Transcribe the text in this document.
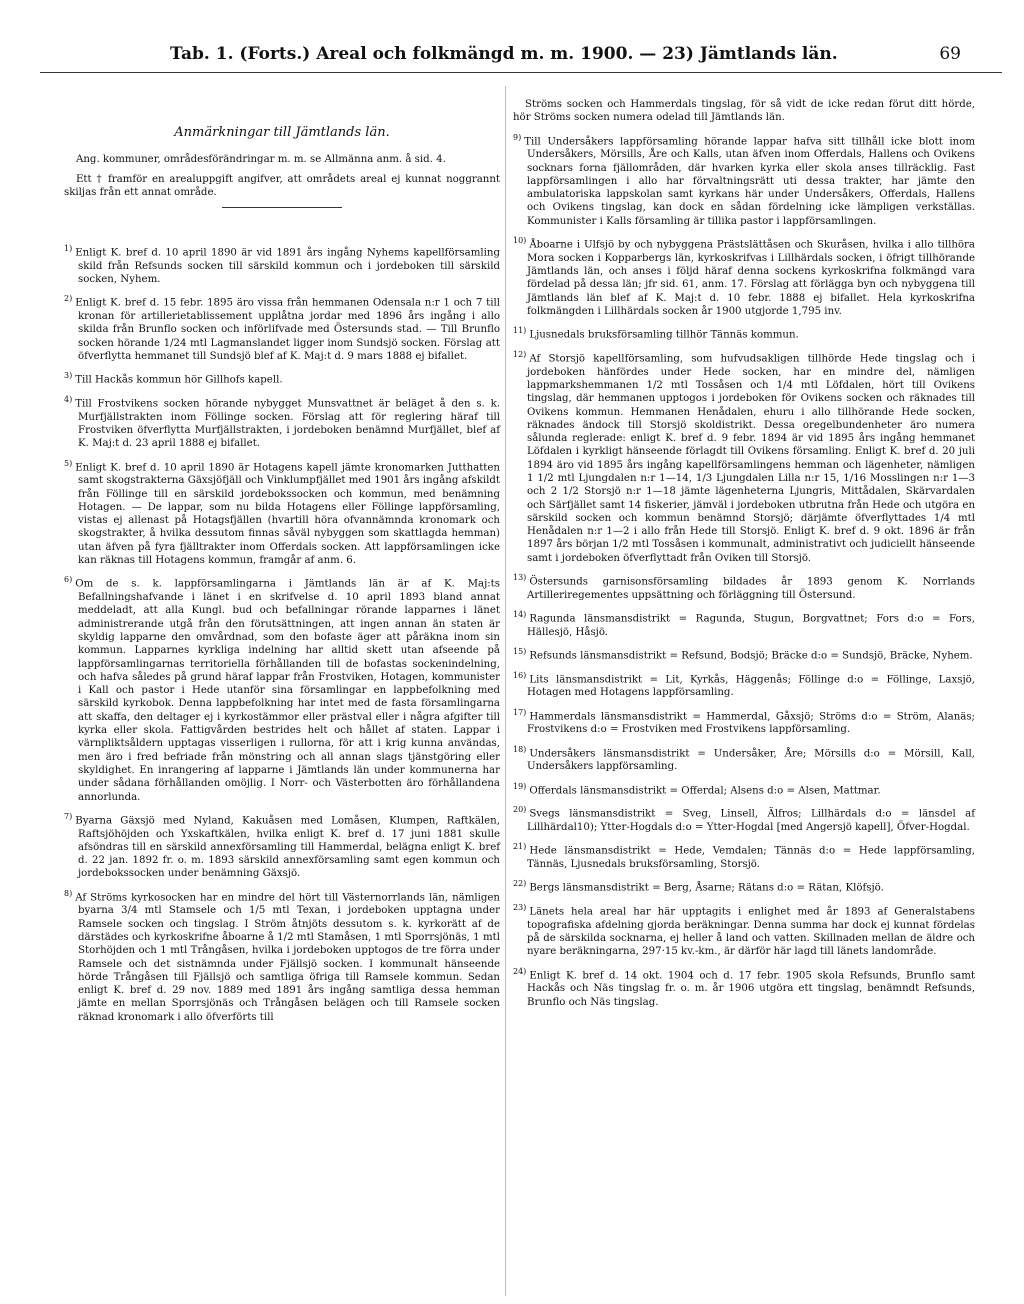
Tab. 1. (Forts.) Areal och folkmängd m. m. 1900. — 23) Jämtlands län.	69
Anmärkningar till Jämtlands län.

Ang. kommuner, områdesförändringar m. m. se Allmänna anm. å sid. 4.

Ett † framför en arealuppgift angifver, att områdets areal ej kunnat noggrannt skiljas från ett annat område.

$^{1)}$ Enligt K. bref d. 10 april 1890 är vid 1891 års ingång Nyhems kapellförsamling skild från Refsunds socken till särskild kommun och i jordeboken till särskild socken, Nyhem.

$^{2)}$ Enligt K. bref d. 15 febr. 1895 äro vissa från hemmanen Odensala n:r 1 och 7 till kronan för artillerietablissement upplåtna jordar med 1896 års ingång i allo skilda från Brunflo socken och införlifvade med Östersunds stad. — Till Brunflo socken hörande 1/24 mtl Lagmanslandet ligger inom Sundsjö socken. Förslag att öfverflytta hemmanet till Sundsjö blef af K. Maj:t d. 9 mars 1888 ej bifallet.

$^{3)}$ Till Hackås kommun hör Gillhofs kapell.

$^{4)}$ Till Frostvikens socken hörande nybygget Munsvattnet är beläget å den s. k. Murfjällstrakten inom Föllinge socken. Förslag att för reglering häraf till Frostviken öfverflytta Murfjällstrakten, i jordeboken benämnd Murfjället, blef af K. Maj:t d. 23 april 1888 ej bifallet.

$^{5)}$ Enligt K. bref d. 10 april 1890 är Hotagens kapell jämte kronomarken Jutthatten samt skogstrakterna Gäxsjöfjäll och Vinklumpfjället med 1901 års ingång afskildt från Föllinge till en särskild jordebokssocken och kommun, med benämning Hotagen. — De lappar, som nu bilda Hotagens eller Föllinge lappförsamling, vistas ej allenast på Hotagsfjällen (hvartill höra ofvannämnda kronomark och skogstrakter, å hvilka dessutom finnas såväl nybyggen som skattlagda hemman) utan äfven på fyra fjälltrakter inom Offerdals socken. Att lappförsamlingen icke kan räknas till Hotagens kommun, framgår af anm. 6.

$^{6)}$ Om de s. k. lappförsamlingarna i Jämtlands län är af K. Maj:ts Befallningshafvande i länet i en skrifvelse d. 10 april 1893 bland annat meddeladt, att alla Kungl. bud och befallningar rörande lapparnes i länet administrerande utgå från den förutsättningen, att ingen annan än staten är skyldig lapparne den omvårdnad, som den bofaste äger att påräkna inom sin kommun. Lapparnes kyrkliga indelning har alltid skett utan afseende på lappförsamlingarnas territoriella förhållanden till de bofastas sockenindelning, och hafva således på grund häraf lappar från Frostviken, Hotagen, kommunister i Kall och pastor i Hede utanför sina församlingar en lappbefolkning med särskild kyrkobok. Denna lappbefolkning har intet med de fasta församlingarna att skaffa, den deltager ej i kyrkostämmor eller prästval eller i några afgifter till kyrka eller skola. Fattigvården bestrides helt och hållet af staten. Lappar i värnpliktsåldern upptagas visserligen i rullorna, för att i krig kunna användas, men äro i fred befriade från mönstring och all annan slags tjänstgöring eller skyldighet. En inrangering af lapparne i Jämtlands län under kommunerna har under sådana förhållanden omöjlig. I Norr- och Västerbotten äro förhållandena annorlunda.

$^{7)}$ Byarna Gäxsjö med Nyland, Kakuåsen med Lomåsen, Klumpen, Raftkälen, Raftsjöhöjden och Yxskaftkälen, hvilka enligt K. bref d. 17 juni 1881 skulle afsöndras till en särskild annexförsamling till Hammerdal, belägna enligt K. bref d. 22 jan. 1892 fr. o. m. 1893 särskild annexförsamling samt egen kommun och jordebokssocken under benämning Gäxsjö.

$^{8)}$ Af Ströms kyrkosocken har en mindre del hört till Västernorrlands län, nämligen byarna 3/4 mtl Stamsele och 1/5 mtl Texan, i jordeboken upptagna under Ramsele socken och tingslag. I Ström åtnjöts dessutom s. k. kyrkorätt af de därstädes och kyrkoskrifne åboarne å 1/2 mtl Stamåsen, 1 mtl Sporrsjönäs, 1 mtl Storhöjden och 1 mtl Trångåsen, hvilka i jordeboken upptogos de tre förra under Ramsele och det sistnämnda under Fjällsjö socken. I kommunalt hänseende hörde Trångåsen till Fjällsjö och samtliga öfriga till Ramsele kommun. Sedan enligt K. bref d. 29 nov. 1889 med 1891 års ingång samtliga dessa hemman jämte en mellan Sporrsjönäs och Trångåsen belägen och till Ramsele socken räknad kronomark i allo öfverförts till

Ströms socken och Hammerdals tingslag, för så vidt de icke redan förut ditt hörde, hör Ströms socken numera odelad till Jämtlands län.

$^{9)}$ Till Undersåkers lappförsamling hörande lappar hafva sitt tillhåll icke blott inom Undersåkers, Mörsills, Åre och Kalls, utan äfven inom Offerdals, Hallens och Ovikens socknars forna fjällområden, där hvarken kyrka eller skola anses tillräcklig. Fast lappförsamlingen i allo har förvaltningsrätt uti dessa trakter, har jämte den ambulatoriska lappskolan samt kyrkans här under Undersåkers, Offerdals, Hallens och Ovikens tingslag, kan dock en sådan fördelning icke lämpligen verkställas. Kommunister i Kalls församling är tillika pastor i lappförsamlingen.

$^{10)}$ Åboarne i Ulfsjö by och nybyggena Prästslättåsen och Skuråsen, hvilka i allo tillhöra Mora socken i Kopparbergs län, kyrkoskrifvas i Lillhärdals socken, i öfrigt tillhörande Jämtlands län, och anses i följd häraf denna sockens kyrkoskrifna folkmängd vara fördelad på dessa län; jfr sid. 61, anm. 17. Förslag att förlägga byn och nybyggena till Jämtlands län blef af K. Maj:t d. 10 febr. 1888 ej bifallet. Hela kyrkoskrifna folkmängden i Lillhärdals socken år 1900 utgjorde 1,795 inv.

$^{11)}$ Ljusnedals bruksförsamling tillhör Tännäs kommun.

$^{12)}$ Af Storsjö kapellförsamling, som hufvudsakligen tillhörde Hede tingslag och i jordeboken hänfördes under Hede socken, har en mindre del, nämligen lappmarkshemmanen 1/2 mtl Tossåsen och 1/4 mtl Löfdalen, hört till Ovikens tingslag, där hemmanen upptogos i jordeboken för Ovikens socken och räknades till Ovikens kommun. Hemmanen Henådalen, ehuru i allo tillhörande Hede socken, räknades ändock till Storsjö skoldistrikt. Dessa oregelbundenheter äro numera sålunda reglerade: enligt K. bref d. 9 febr. 1894 är vid 1895 års ingång hemmanet Löfdalen i kyrkligt hänseende förlagdt till Ovikens församling. Enligt K. bref d. 20 juli 1894 äro vid 1895 års ingång kapellförsamlingens hemman och lägenheter, nämligen 1 1/2 mtl Ljungdalen n:r 1—14, 1/3 Ljungdalen Lilla n:r 15, 1/16 Mosslingen n:r 1—3 och 2 1/2 Storsjö n:r 1—18 jämte lägenheterna Ljungris, Mittådalen, Skärvardalen och Särfjället samt 14 fiskerier, jämväl i jordeboken utbrutna från Hede och utgöra en särskild socken och kommun benämnd Storsjö; därjämte öfverflyttades 1/4 mtl Henådalen n:r 1—2 i allo från Hede till Storsjö. Enligt K. bref d. 9 okt. 1896 är från 1897 års början 1/2 mtl Tossåsen i kommunalt, administrativt och judiciellt hänseende samt i jordeboken öfverflyttadt från Oviken till Storsjö.

$^{13)}$ Östersunds garnisonsförsamling bildades år 1893 genom K. Norrlands Artilleriregementes uppsättning och förläggning till Östersund.

$^{14)}$ Ragunda länsmansdistrikt = Ragunda, Stugun, Borgvattnet; Fors d:o = Fors, Hällesjö, Håsjö.

$^{15)}$ Refsunds länsmansdistrikt = Refsund, Bodsjö; Bräcke d:o = Sundsjö, Bräcke, Nyhem.

$^{16)}$ Lits länsmansdistrikt = Lit, Kyrkås, Häggenås; Föllinge d:o = Föllinge, Laxsjö, Hotagen med Hotagens lappförsamling.

$^{17)}$ Hammerdals länsmansdistrikt = Hammerdal, Gåxsjö; Ströms d:o = Ström, Alanäs; Frostvikens d:o = Frostviken med Frostvikens lappförsamling.

$^{18)}$ Undersåkers länsmansdistrikt = Undersåker, Åre; Mörsills d:o = Mörsill, Kall, Undersåkers lappförsamling.

$^{19)}$ Offerdals länsmansdistrikt = Offerdal; Alsens d:o = Alsen, Mattmar.

$^{20)}$ Svegs länsmansdistrikt = Sveg, Linsell, Älfros; Lillhärdals d:o = länsdel af Lillhärdal10); Ytter-Hogdals d:o = Ytter-Hogdal [med Angersjö kapell], Öfver-Hogdal.

$^{21)}$ Hede länsmansdistrikt = Hede, Vemdalen; Tännäs d:o = Hede lappförsamling, Tännäs, Ljusnedals bruksförsamling, Storsjö.

$^{22)}$ Bergs länsmansdistrikt = Berg, Åsarne; Rätans d:o = Rätan, Klöfsjö.

$^{23)}$ Länets hela areal har här upptagits i enlighet med år 1893 af Generalstabens topografiska afdelning gjorda beräkningar. Denna summa har dock ej kunnat fördelas på de särskilda socknarna, ej heller å land och vatten. Skillnaden mellan de äldre och nyare beräkningarna, 297·15 kv.-km., är därför här lagd till länets landområde.

$^{24)}$ Enligt K. bref d. 14 okt. 1904 och d. 17 febr. 1905 skola Refsunds, Brunflo samt Hackås och Näs tingslag fr. o. m. år 1906 utgöra ett tingslag, benämndt Refsunds, Brunflo och Näs tingslag.
